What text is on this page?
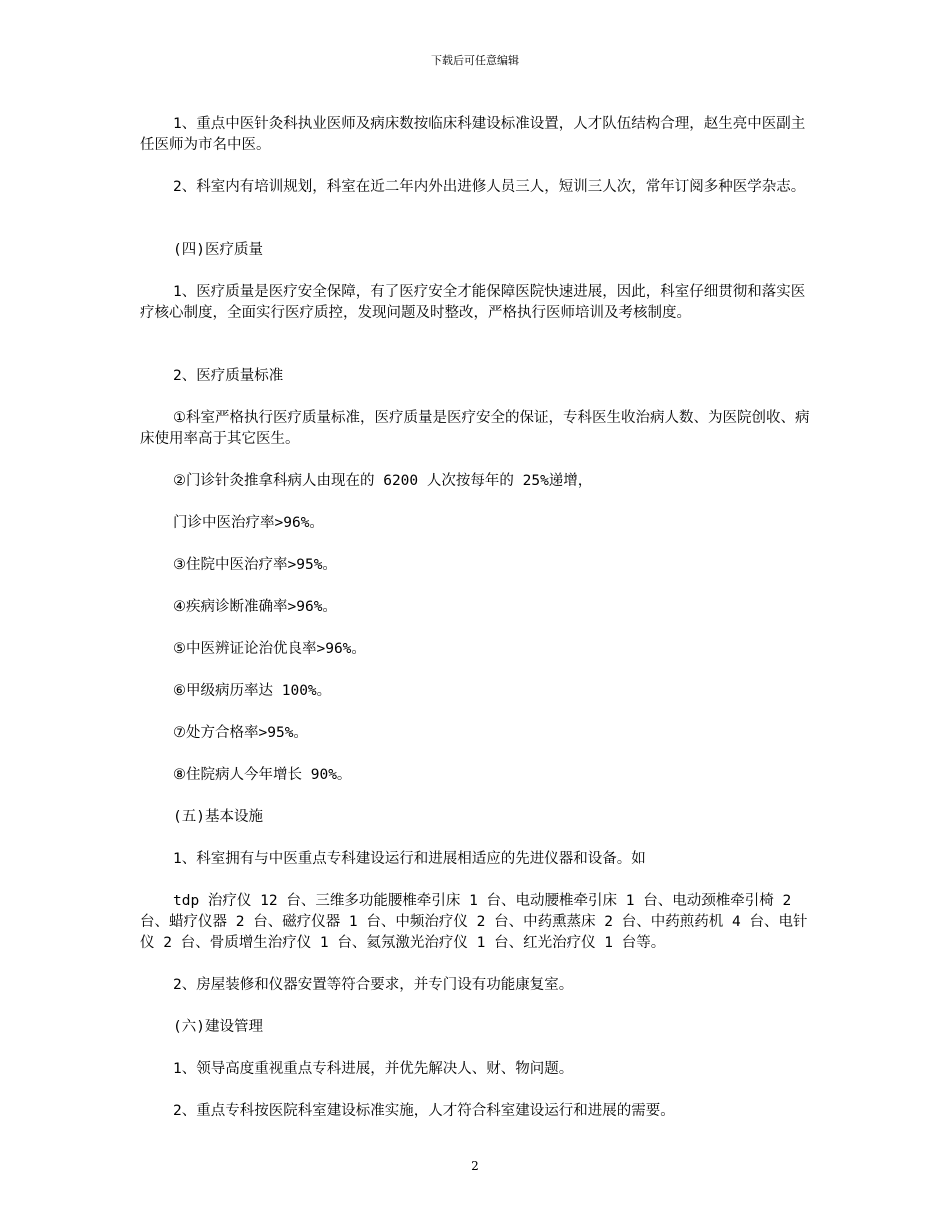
下载后可任意编辑

1、重点中医针灸科执业医师及病床数按临床科建设标准设置，人才队伍结构合理，赵生亮中医副主任医师为市名中医。

2、科室内有培训规划，科室在近二年内外出进修人员三人，短训三人次，常年订阅多种医学杂志。

(四)医疗质量

1、医疗质量是医疗安全保障，有了医疗安全才能保障医院快速进展，因此，科室仔细贯彻和落实医疗核心制度，全面实行医疗质控，发现问题及时整改，严格执行医师培训及考核制度。

2、医疗质量标准

①科室严格执行医疗质量标准，医疗质量是医疗安全的保证，专科医生收治病人数、为医院创收、病床使用率高于其它医生。

②门诊针灸推拿科病人由现在的 6200 人次按每年的 25%递增，

门诊中医治疗率>96%。

③住院中医治疗率>95%。

④疾病诊断准确率>96%。

⑤中医辨证论治优良率>96%。

⑥甲级病历率达 100%。

⑦处方合格率>95%。

⑧住院病人今年增长 90%。

(五)基本设施

1、科室拥有与中医重点专科建设运行和进展相适应的先进仪器和设备。如

tdp 治疗仪 12 台、三维多功能腰椎牵引床 1 台、电动腰椎牵引床 1 台、电动颈椎牵引椅 2 台、蜡疗仪器 2 台、磁疗仪器 1 台、中频治疗仪 2 台、中药熏蒸床 2 台、中药煎药机 4 台、电针仪 2 台、骨质增生治疗仪 1 台、氦氖激光治疗仪 1 台、红光治疗仪 1 台等。

2、房屋装修和仪器安置等符合要求，并专门设有功能康复室。

(六)建设管理

1、领导高度重视重点专科进展，并优先解决人、财、物问题。

2、重点专科按医院科室建设标准实施，人才符合科室建设运行和进展的需要。

2
